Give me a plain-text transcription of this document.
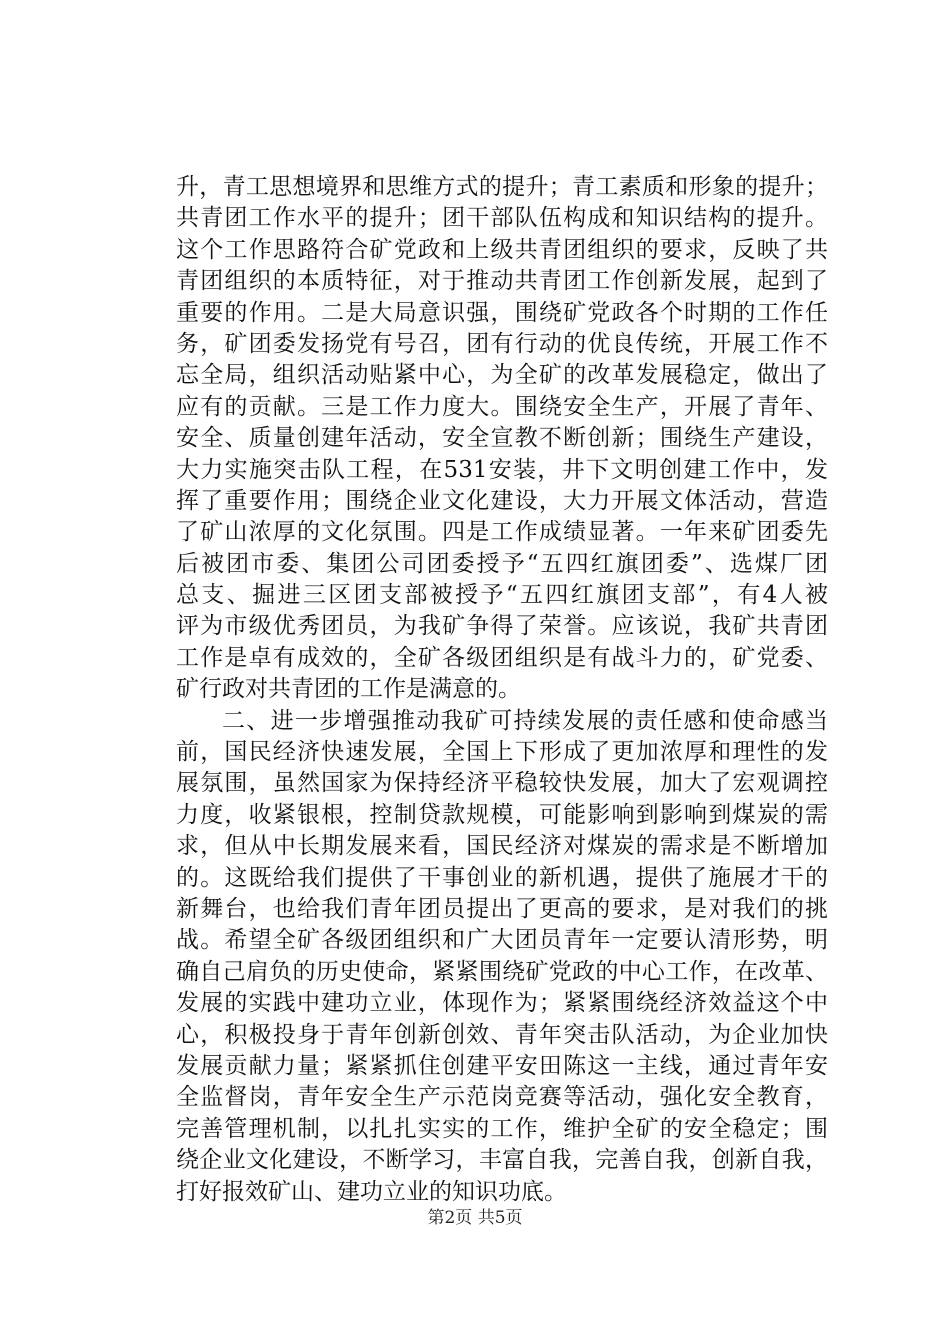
升，青工思想境界和思维方式的提升；青工素质和形象的提升；
共青团工作水平的提升；团干部队伍构成和知识结构的提升。
这个工作思路符合矿党政和上级共青团组织的要求，反映了共
青团组织的本质特征，对于推动共青团工作创新发展，起到了
重要的作用。二是大局意识强，围绕矿党政各个时期的工作任
务，矿团委发扬党有号召，团有行动的优良传统，开展工作不
忘全局，组织活动贴紧中心，为全矿的改革发展稳定，做出了
应有的贡献。三是工作力度大。围绕安全生产，开展了青年、
安全、质量创建年活动，安全宣教不断创新；围绕生产建设，
大力实施突击队工程，在531安装，井下文明创建工作中，发
挥了重要作用；围绕企业文化建设，大力开展文体活动，营造
了矿山浓厚的文化氛围。四是工作成绩显著。一年来矿团委先
后被团市委、集团公司团委授予“五四红旗团委”、选煤厂团
总支、掘进三区团支部被授予“五四红旗团支部”，有4人被
评为市级优秀团员，为我矿争得了荣誉。应该说，我矿共青团
工作是卓有成效的，全矿各级团组织是有战斗力的，矿党委、
矿行政对共青团的工作是满意的。
二、进一步增强推动我矿可持续发展的责任感和使命感当
前，国民经济快速发展，全国上下形成了更加浓厚和理性的发
展氛围，虽然国家为保持经济平稳较快发展，加大了宏观调控
力度，收紧银根，控制贷款规模，可能影响到影响到煤炭的需
求，但从中长期发展来看，国民经济对煤炭的需求是不断增加
的。这既给我们提供了干事创业的新机遇，提供了施展才干的
新舞台，也给我们青年团员提出了更高的要求，是对我们的挑
战。希望全矿各级团组织和广大团员青年一定要认清形势，明
确自己肩负的历史使命，紧紧围绕矿党政的中心工作，在改革、
发展的实践中建功立业，体现作为；紧紧围绕经济效益这个中
心，积极投身于青年创新创效、青年突击队活动，为企业加快
发展贡献力量；紧紧抓住创建平安田陈这一主线，通过青年安
全监督岗，青年安全生产示范岗竞赛等活动，强化安全教育，
完善管理机制，以扎扎实实的工作，维护全矿的安全稳定；围
绕企业文化建设，不断学习，丰富自我，完善自我，创新自我，
打好报效矿山、建功立业的知识功底。
第2页 共5页
